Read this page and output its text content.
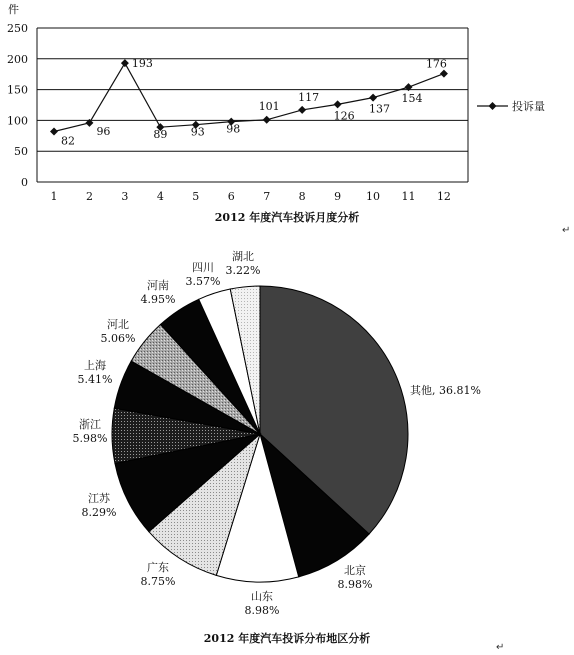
件
0
50
100
150
200
250
1	2	3	4	5	6	7	8	9 10 11 12
82
96
193
89 93 98
101
117
126
137
154
176
投诉量
2012 年度汽车投诉月度分析
↵
其他, 36.81%
北京
8.98%
山东
8.98%
广东
8.75%
江苏
8.29%
浙江
5.98%
上海
5.41%
河北
5.06%
河南
4.95%
四川
3.57%
湖北
3.22%
2012 年度汽车投诉分布地区分析
↵
